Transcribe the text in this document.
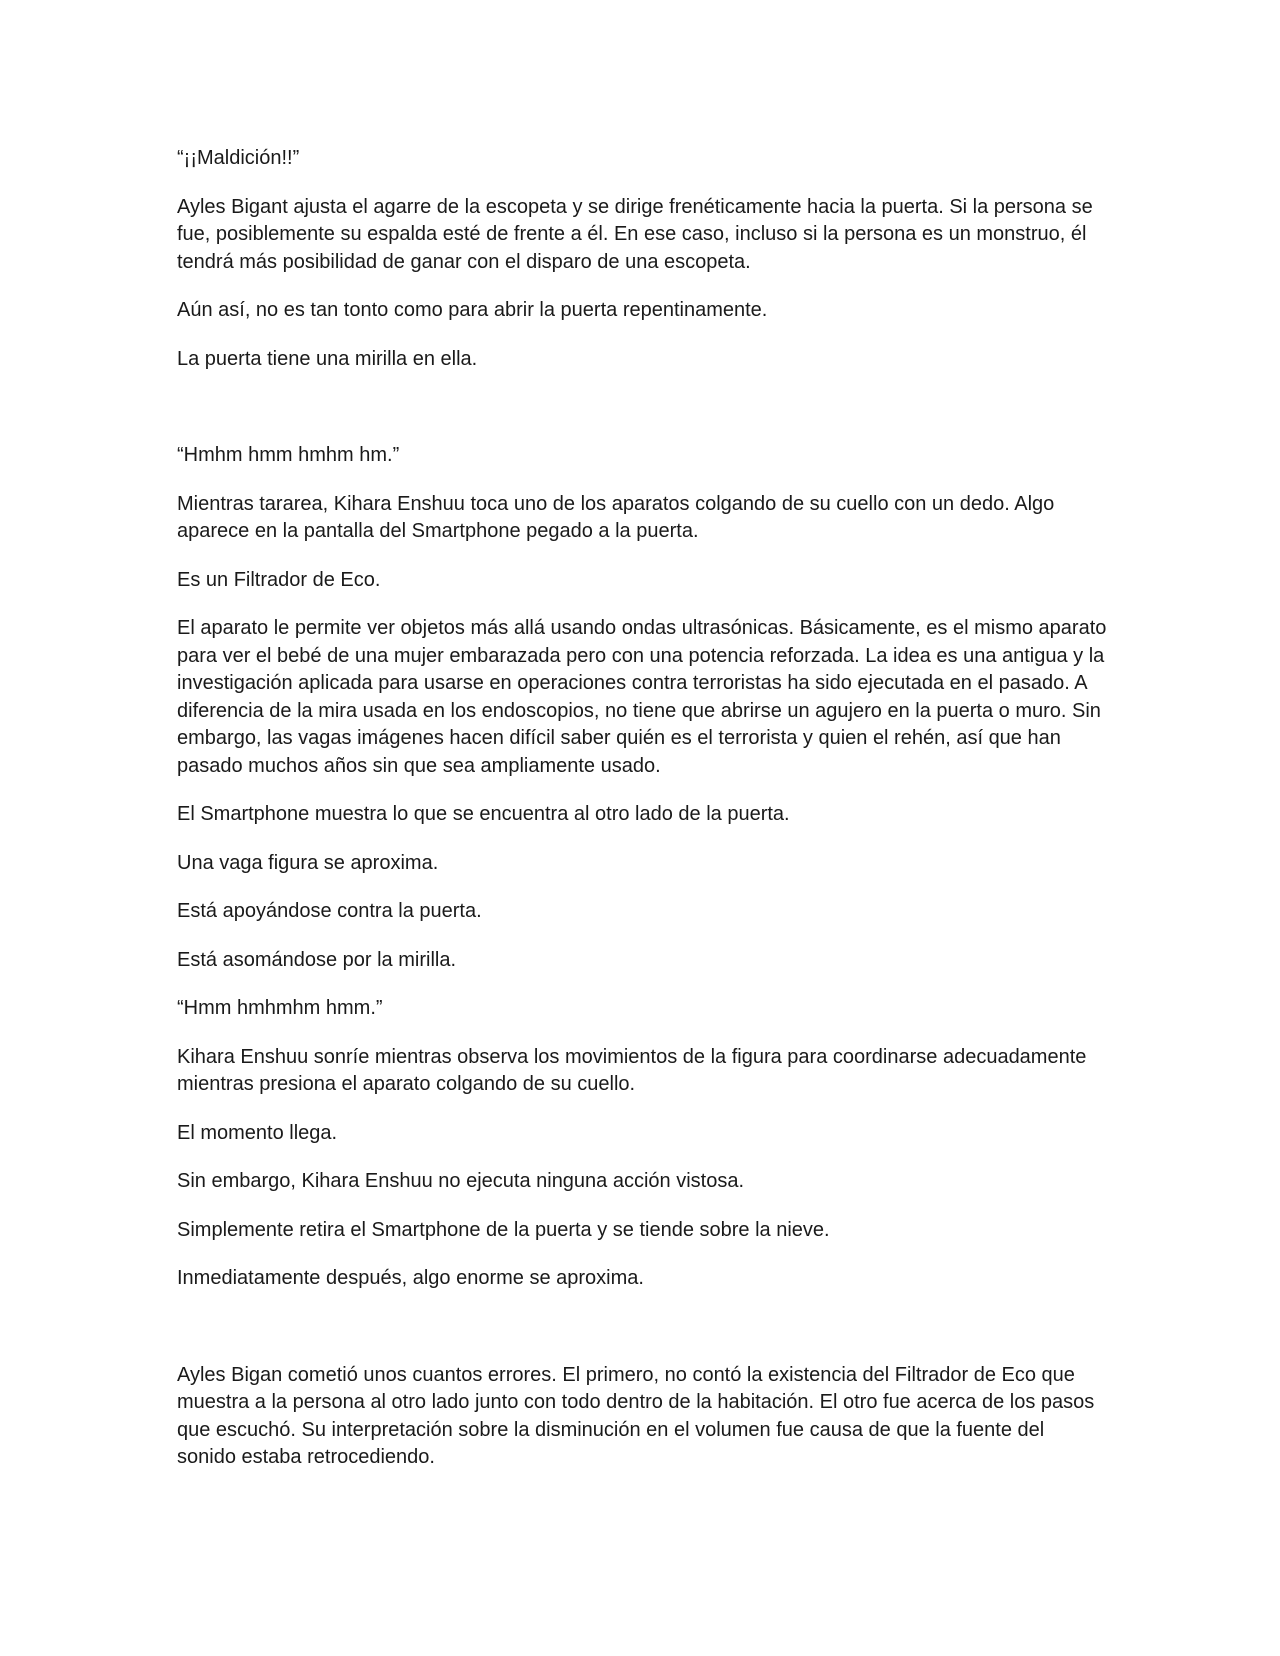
“¡¡Maldición!!”

Ayles Bigant ajusta el agarre de la escopeta y se dirige frenéticamente hacia la puerta. Si la persona se fue, posiblemente su espalda esté de frente a él. En ese caso, incluso si la persona es un monstruo, él tendrá más posibilidad de ganar con el disparo de una escopeta.

Aún así, no es tan tonto como para abrir la puerta repentinamente.

La puerta tiene una mirilla en ella.

“Hmhm hmm hmhm hm.”

Mientras tararea, Kihara Enshuu toca uno de los aparatos colgando de su cuello con un dedo. Algo aparece en la pantalla del Smartphone pegado a la puerta.

Es un Filtrador de Eco.

El aparato le permite ver objetos más allá usando ondas ultrasónicas. Básicamente, es el mismo aparato para ver el bebé de una mujer embarazada pero con una potencia reforzada. La idea es una antigua y la investigación aplicada para usarse en operaciones contra terroristas ha sido ejecutada en el pasado. A diferencia de la mira usada en los endoscopios, no tiene que abrirse un agujero en la puerta o muro. Sin embargo, las vagas imágenes hacen difícil saber quién es el terrorista y quien el rehén, así que han pasado muchos años sin que sea ampliamente usado.

El Smartphone muestra lo que se encuentra al otro lado de la puerta.

Una vaga figura se aproxima.

Está apoyándose contra la puerta.

Está asomándose por la mirilla.

“Hmm hmhmhm hmm.”

Kihara Enshuu sonríe mientras observa los movimientos de la figura para coordinarse adecuadamente mientras presiona el aparato colgando de su cuello.

El momento llega.

Sin embargo, Kihara Enshuu no ejecuta ninguna acción vistosa.

Simplemente retira el Smartphone de la puerta y se tiende sobre la nieve.

Inmediatamente después, algo enorme se aproxima.

Ayles Bigan cometió unos cuantos errores. El primero, no contó la existencia del Filtrador de Eco que muestra a la persona al otro lado junto con todo dentro de la habitación. El otro fue acerca de los pasos que escuchó. Su interpretación sobre la disminución en el volumen fue causa de que la fuente del sonido estaba retrocediendo.
